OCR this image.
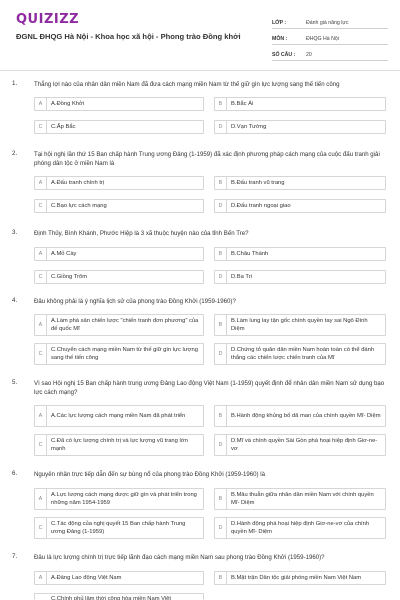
QUIZIZZ
ĐGNL ĐHQG Hà Nội - Khoa học xã hội - Phong trào Đồng khởi
LỚP :	Đánh giá năng lực
MÔN :	ĐHQG Hà Nội
SỐ CÂU :	20
1.	Thắng lợi nào của nhân dân miền Nam đã đưa cách mạng miền Nam từ thế giữ gìn lực lượng sang thế tiến công
A	A.Đồng Khởi	B	B.Bắc Ái
C	C.Ấp Bắc	D	D.Vạn Tường
2.	Tại hội nghị lần thứ 15 Ban chấp hành Trung ương Đảng (1-1959) đã xác định phương pháp cách mạng của cuộc đấu tranh giải phóng dân tộc ở miền Nam là
A	A.Đấu tranh chính trị	B	B.Đấu tranh vũ trang
C	C.Bạo lực cách mạng	D	D.Đấu tranh ngoại giao
3.	Định Thủy, Bình Khánh, Phước Hiệp là 3 xã thuộc huyện nào của tỉnh Bến Tre?
A	A.Mỏ Cày	B	B.Châu Thành
C	C.Giồng Trôm	D	D.Ba Tri
4.	Đâu không phải là ý nghĩa lịch sử của phong trào Đồng Khởi (1959-1960)?
A
A.Làm phá sản chiến lược "chiến tranh đơn phương" của đế quốc Mĩ
B
B.Làm lung lay tận gốc chính quyền tay sai Ngô Đình Diệm
C
C.Chuyển cách mạng miền Nam từ thế giữ gìn lực lượng sang thế tiến công
D
D.Chứng tỏ quân dân miền Nam hoàn toàn có thể đánh thắng các chiến lược chiến tranh của Mĩ
5.	Vì sao Hội nghị 15 Ban chấp hành trung ương Đảng Lao động Việt Nam (1-1959) quyết định để nhân dân miền Nam sử dụng bạo lực cách mạng?
A	A.Các lực lượng cách mạng miền Nam đã phát triển	B	B.Hành động khủng bố dã man của chính quyền Mĩ- Diệm
C
C.Đã có lực lượng chính trị và lực lượng vũ trang lớn mạnh
D
D.Mĩ và chính quyền Sài Gòn phá hoại hiệp định Giơ-ne-vơ
6.	Nguyên nhân trực tiếp dẫn đến sự bùng nổ của phong trào Đồng Khởi (1959-1960) là
A
A.Lực lượng cách mạng được giữ gìn và phát triển trong những năm 1954-1959
B
B.Mâu thuẫn giữa nhân dân miền Nam với chính quyền Mĩ- Diệm
C
C.Tác động của nghị quyết 15 Ban chấp hành Trung ương Đảng (1-1959)
D
D.Hành động phá hoại hiệp định Giơ-ne-vơ của chính quyền Mĩ- Diệm
7.	Đâu là lực lượng chính trị trực tiếp lãnh đạo cách mạng miền Nam sau phong trào Đồng Khởi (1959-1960)?
A	A.Đảng Lao động Việt Nam	B	B.Mặt trận Dân tộc giải phóng miền Nam Việt Nam
C.Chính phủ lâm thời cộng hòa miền Nam Việt
